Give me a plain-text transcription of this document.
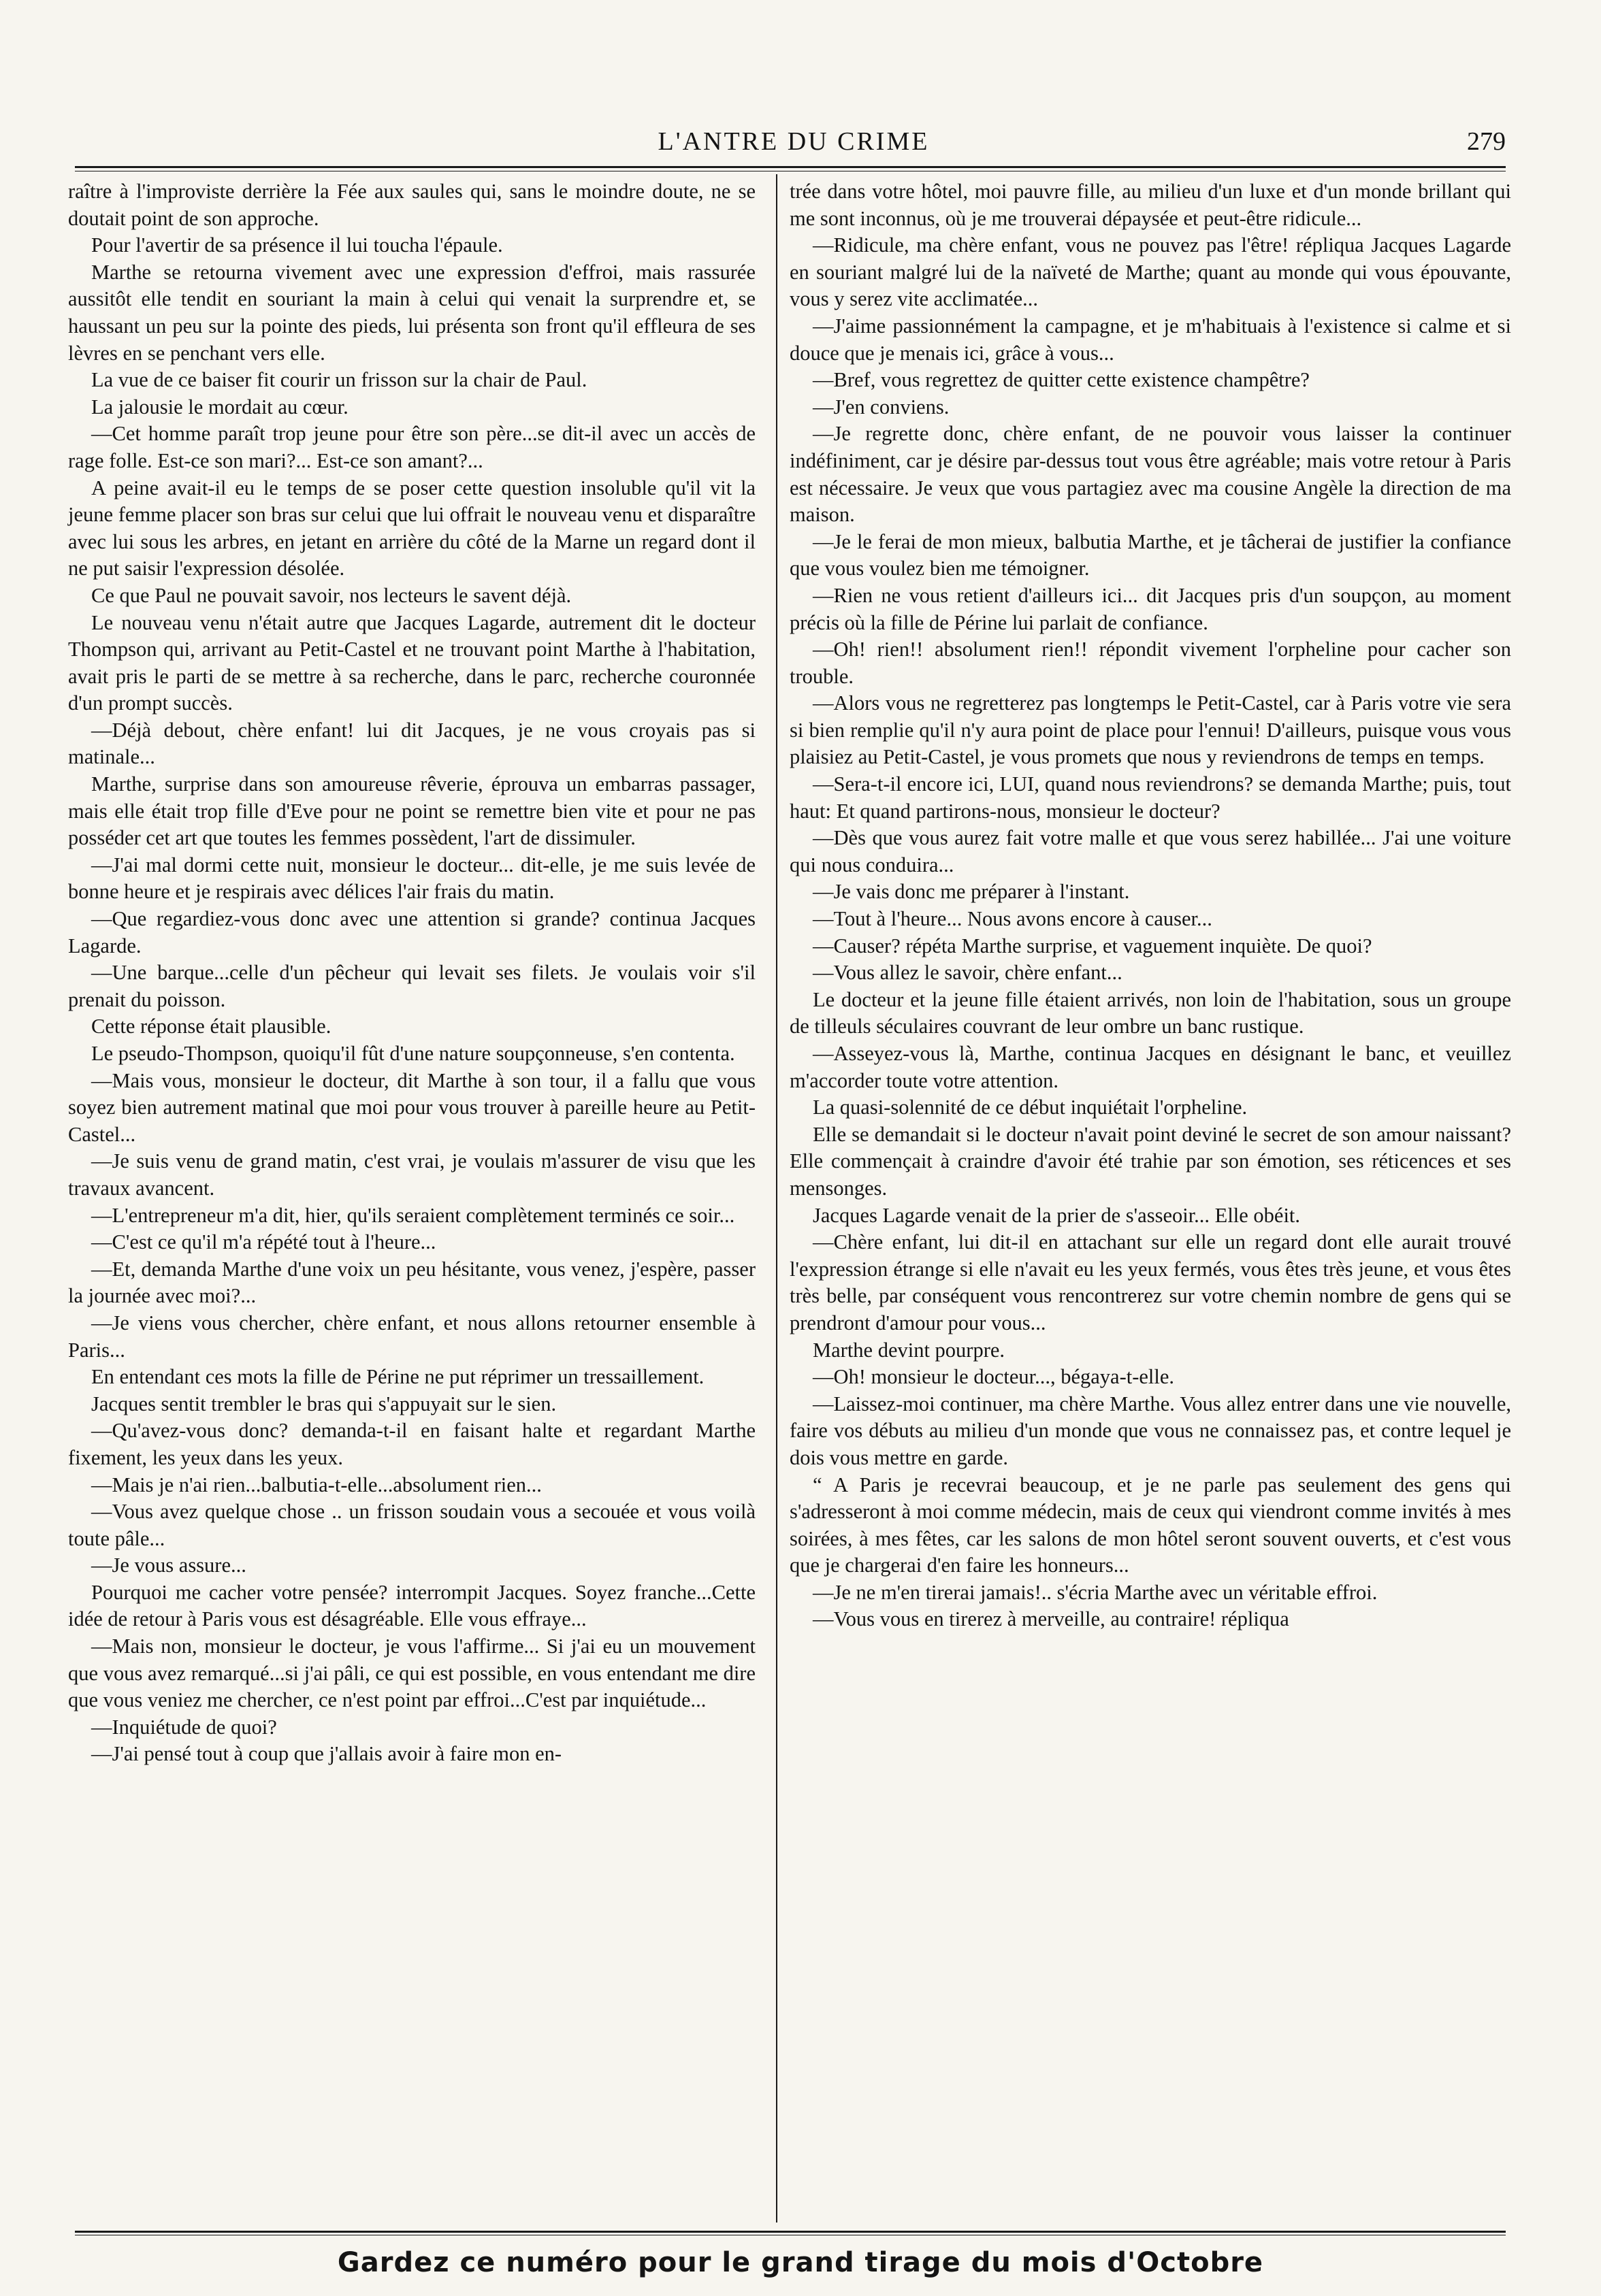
L'ANTRE DU CRIME	279

raître à l'improviste derrière la Fée aux saules qui, sans le moindre doute, ne se doutait point de son approche.

Pour l'avertir de sa présence il lui toucha l'épaule.

Marthe se retourna vivement avec une expression d'effroi, mais rassurée aussitôt elle tendit en souriant la main à celui qui venait la surprendre et, se haussant un peu sur la pointe des pieds, lui présenta son front qu'il effleura de ses lèvres en se penchant vers elle.

La vue de ce baiser fit courir un frisson sur la chair de Paul.

La jalousie le mordait au cœur.

—Cet homme paraît trop jeune pour être son père...se dit-il avec un accès de rage folle. Est-ce son mari?... Est-ce son amant?...

A peine avait-il eu le temps de se poser cette question insoluble qu'il vit la jeune femme placer son bras sur celui que lui offrait le nouveau venu et disparaître avec lui sous les arbres, en jetant en arrière du côté de la Marne un regard dont il ne put saisir l'expression désolée.

Ce que Paul ne pouvait savoir, nos lecteurs le savent déjà.

Le nouveau venu n'était autre que Jacques Lagarde, autrement dit le docteur Thompson qui, arrivant au Petit-Castel et ne trouvant point Marthe à l'habitation, avait pris le parti de se mettre à sa recherche, dans le parc, recherche couronnée d'un prompt succès.

—Déjà debout, chère enfant! lui dit Jacques, je ne vous croyais pas si matinale...

Marthe, surprise dans son amoureuse rêverie, éprouva un embarras passager, mais elle était trop fille d'Eve pour ne point se remettre bien vite et pour ne pas posséder cet art que toutes les femmes possèdent, l'art de dissimuler.

—J'ai mal dormi cette nuit, monsieur le docteur... dit-elle, je me suis levée de bonne heure et je respirais avec délices l'air frais du matin.

—Que regardiez-vous donc avec une attention si grande? continua Jacques Lagarde.

—Une barque...celle d'un pêcheur qui levait ses filets. Je voulais voir s'il prenait du poisson.

Cette réponse était plausible.

Le pseudo-Thompson, quoiqu'il fût d'une nature soupçonneuse, s'en contenta.

—Mais vous, monsieur le docteur, dit Marthe à son tour, il a fallu que vous soyez bien autrement matinal que moi pour vous trouver à pareille heure au Petit-Castel...

—Je suis venu de grand matin, c'est vrai, je voulais m'assurer de visu que les travaux avancent.

—L'entrepreneur m'a dit, hier, qu'ils seraient complètement terminés ce soir...

—C'est ce qu'il m'a répété tout à l'heure...

—Et, demanda Marthe d'une voix un peu hésitante, vous venez, j'espère, passer la journée avec moi?...

—Je viens vous chercher, chère enfant, et nous allons retourner ensemble à Paris...

En entendant ces mots la fille de Périne ne put réprimer un tressaillement.

Jacques sentit trembler le bras qui s'appuyait sur le sien.

—Qu'avez-vous donc? demanda-t-il en faisant halte et regardant Marthe fixement, les yeux dans les yeux.

—Mais je n'ai rien...balbutia-t-elle...absolument rien...

—Vous avez quelque chose .. un frisson soudain vous a secouée et vous voilà toute pâle...

—Je vous assure...

Pourquoi me cacher votre pensée? interrompit Jacques. Soyez franche...Cette idée de retour à Paris vous est désagréable. Elle vous effraye...

—Mais non, monsieur le docteur, je vous l'affirme... Si j'ai eu un mouvement que vous avez remarqué...si j'ai pâli, ce qui est possible, en vous entendant me dire que vous veniez me chercher, ce n'est point par effroi...C'est par inquiétude...

—Inquiétude de quoi?

—J'ai pensé tout à coup que j'allais avoir à faire mon en-

trée dans votre hôtel, moi pauvre fille, au milieu d'un luxe et d'un monde brillant qui me sont inconnus, où je me trouverai dépaysée et peut-être ridicule...

—Ridicule, ma chère enfant, vous ne pouvez pas l'être! répliqua Jacques Lagarde en souriant malgré lui de la naïveté de Marthe; quant au monde qui vous épouvante, vous y serez vite acclimatée...

—J'aime passionnément la campagne, et je m'habituais à l'existence si calme et si douce que je menais ici, grâce à vous...

—Bref, vous regrettez de quitter cette existence champêtre?

—J'en conviens.

—Je regrette donc, chère enfant, de ne pouvoir vous laisser la continuer indéfiniment, car je désire par-dessus tout vous être agréable; mais votre retour à Paris est nécessaire. Je veux que vous partagiez avec ma cousine Angèle la direction de ma maison.

—Je le ferai de mon mieux, balbutia Marthe, et je tâcherai de justifier la confiance que vous voulez bien me témoigner.

—Rien ne vous retient d'ailleurs ici... dit Jacques pris d'un soupçon, au moment précis où la fille de Périne lui parlait de confiance.

—Oh! rien!! absolument rien!! répondit vivement l'orpheline pour cacher son trouble.

—Alors vous ne regretterez pas longtemps le Petit-Castel, car à Paris votre vie sera si bien remplie qu'il n'y aura point de place pour l'ennui! D'ailleurs, puisque vous vous plaisiez au Petit-Castel, je vous promets que nous y reviendrons de temps en temps.

—Sera-t-il encore ici, LUI, quand nous reviendrons? se demanda Marthe; puis, tout haut: Et quand partirons-nous, monsieur le docteur?

—Dès que vous aurez fait votre malle et que vous serez habillée... J'ai une voiture qui nous conduira...

—Je vais donc me préparer à l'instant.

—Tout à l'heure... Nous avons encore à causer...

—Causer? répéta Marthe surprise, et vaguement inquiète. De quoi?

—Vous allez le savoir, chère enfant...

Le docteur et la jeune fille étaient arrivés, non loin de l'habitation, sous un groupe de tilleuls séculaires couvrant de leur ombre un banc rustique.

—Asseyez-vous là, Marthe, continua Jacques en désignant le banc, et veuillez m'accorder toute votre attention.

La quasi-solennité de ce début inquiétait l'orpheline.

Elle se demandait si le docteur n'avait point deviné le secret de son amour naissant? Elle commençait à craindre d'avoir été trahie par son émotion, ses réticences et ses mensonges.

Jacques Lagarde venait de la prier de s'asseoir... Elle obéit.

—Chère enfant, lui dit-il en attachant sur elle un regard dont elle aurait trouvé l'expression étrange si elle n'avait eu les yeux fermés, vous êtes très jeune, et vous êtes très belle, par conséquent vous rencontrerez sur votre chemin nombre de gens qui se prendront d'amour pour vous...

Marthe devint pourpre.

—Oh! monsieur le docteur..., bégaya-t-elle.

—Laissez-moi continuer, ma chère Marthe. Vous allez entrer dans une vie nouvelle, faire vos débuts au milieu d'un monde que vous ne connaissez pas, et contre lequel je dois vous mettre en garde.

“ A Paris je recevrai beaucoup, et je ne parle pas seulement des gens qui s'adresseront à moi comme médecin, mais de ceux qui viendront comme invités à mes soirées, à mes fêtes, car les salons de mon hôtel seront souvent ouverts, et c'est vous que je chargerai d'en faire les honneurs...

—Je ne m'en tirerai jamais!.. s'écria Marthe avec un véritable effroi.

—Vous vous en tirerez à merveille, au contraire! répliqua

Gardez ce numéro pour le grand tirage du mois d'Octobre
